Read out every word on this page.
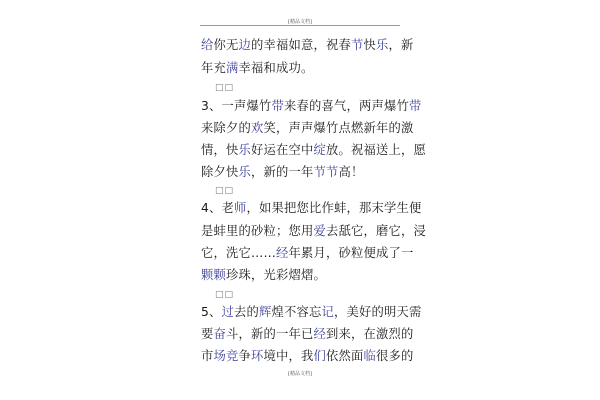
[精品文档]
给你无边的幸福如意，祝春节快乐，新
年充满幸福和成功。
□□
3、一声爆竹带来春的喜气，两声爆竹带
来除夕的欢笑，声声爆竹点燃新年的激
情，快乐好运在空中绽放。祝福送上，愿
除夕快乐，新的一年节节高！
□□
4、老师，如果把您比作蚌，那末学生便
是蚌里的砂粒；您用爱去舐它，磨它，浸
它，洗它……经年累月，砂粒便成了一
颗颗珍珠，光彩熠熠。
□□
5、过去的辉煌不容忘记，美好的明天需
要奋斗，新的一年已经到来，在激烈的
市场竞争环境中，我们依然面临很多的
[精品文档]
